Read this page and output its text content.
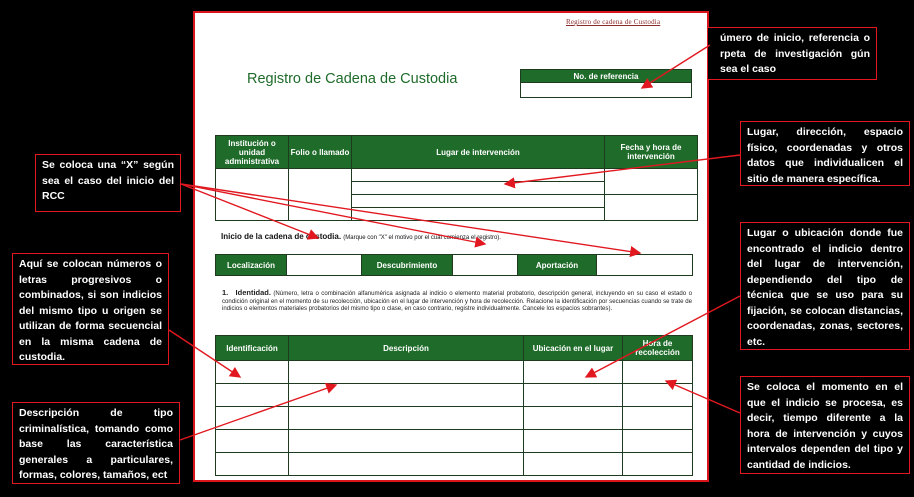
Registro de cadena de Custodia
Registro de Cadena de Custodia	No. de referencia

Institución o unidad administrativa	Folio o llamado	Lugar de intervención	Fecha y hora de intervención

Inicio de la cadena de custodia. (Marque con "X" el motivo por el cual comienza el registro).
Localización		Descubrimiento		Aportación	
1. Identidad. (Número, letra o combinación alfanumérica asignada al indicio o elemento material probatorio, descripción general, incluyendo en su caso el estado o condición original en el momento de su recolección, ubicación en el lugar de intervención y hora de recolección. Relacione la identificación por secuencias cuando se trate de indicios o elementos materiales probatorios del mismo tipo o clase, en caso contrario, registre individualmente. Cancele los espacios sobrantes).
Identificación	Descripción	Ubicación en el lugar	Hora de recolección

úmero de inicio, referencia o rpeta de investigación gún sea el caso
Lugar, dirección, espacio físico, coordenadas y otros datos que individualicen el sitio de manera específica.
Se coloca una “X” según sea el caso del inicio del RCC
Aquí se colocan números o letras progresivos o combinados, si son indicios del mismo tipo u origen se utilizan de forma secuencial en la misma cadena de custodia.
Lugar o ubicación donde fue encontrado el indicio dentro del lugar de intervención, dependiendo del tipo de técnica que se uso para su fijación, se colocan distancias, coordenadas, zonas, sectores, etc.
Descripción de tipo criminalística, tomando como base las característica generales a particulares, formas, colores, tamaños, ect
Se coloca el momento en el que el indicio se procesa, es decir, tiempo diferente a la hora de intervención y cuyos intervalos dependen del tipo y cantidad de indicios.
